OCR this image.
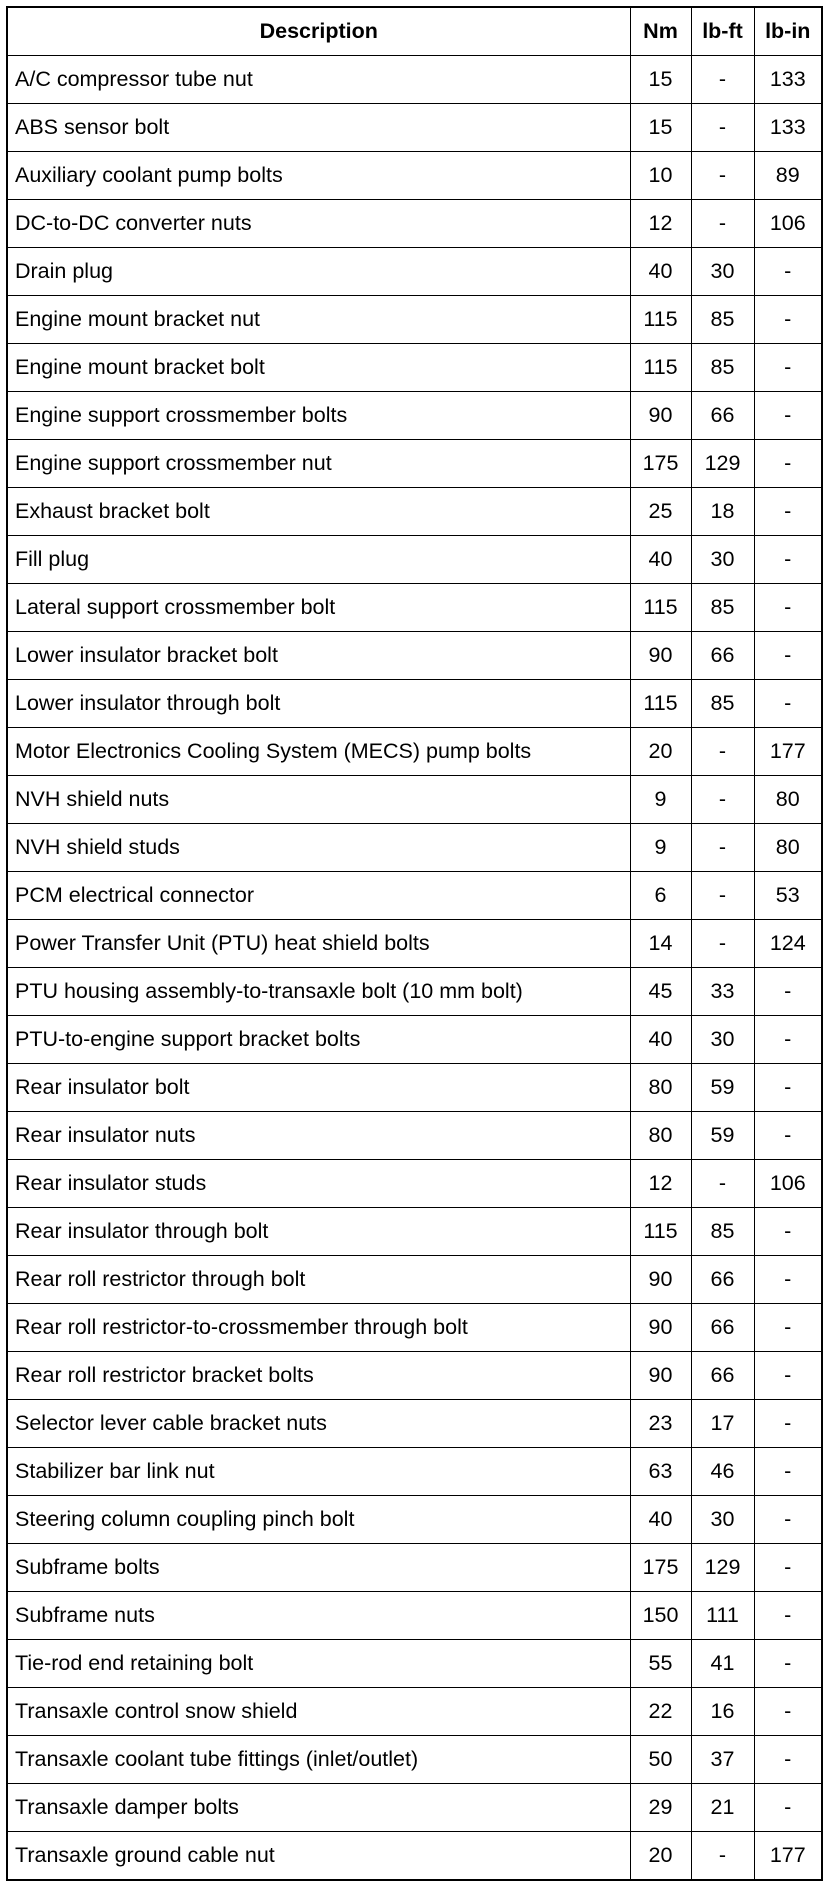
Description	Nm	lb-ft	lb-in
A/C compressor tube nut	15	-	133
ABS sensor bolt	15	-	133
Auxiliary coolant pump bolts	10	-	89
DC-to-DC converter nuts	12	-	106
Drain plug	40	30	-
Engine mount bracket nut	115	85	-
Engine mount bracket bolt	115	85	-
Engine support crossmember bolts	90	66	-
Engine support crossmember nut	175	129	-
Exhaust bracket bolt	25	18	-
Fill plug	40	30	-
Lateral support crossmember bolt	115	85	-
Lower insulator bracket bolt	90	66	-
Lower insulator through bolt	115	85	-
Motor Electronics Cooling System (MECS) pump bolts	20	-	177
NVH shield nuts	9	-	80
NVH shield studs	9	-	80
PCM electrical connector	6	-	53
Power Transfer Unit (PTU) heat shield bolts	14	-	124
PTU housing assembly-to-transaxle bolt (10 mm bolt)	45	33	-
PTU-to-engine support bracket bolts	40	30	-
Rear insulator bolt	80	59	-
Rear insulator nuts	80	59	-
Rear insulator studs	12	-	106
Rear insulator through bolt	115	85	-
Rear roll restrictor through bolt	90	66	-
Rear roll restrictor-to-crossmember through bolt	90	66	-
Rear roll restrictor bracket bolts	90	66	-
Selector lever cable bracket nuts	23	17	-
Stabilizer bar link nut	63	46	-
Steering column coupling pinch bolt	40	30	-
Subframe bolts	175	129	-
Subframe nuts	150	111	-
Tie-rod end retaining bolt	55	41	-
Transaxle control snow shield	22	16	-
Transaxle coolant tube fittings (inlet/outlet)	50	37	-
Transaxle damper bolts	29	21	-
Transaxle ground cable nut	20	-	177
